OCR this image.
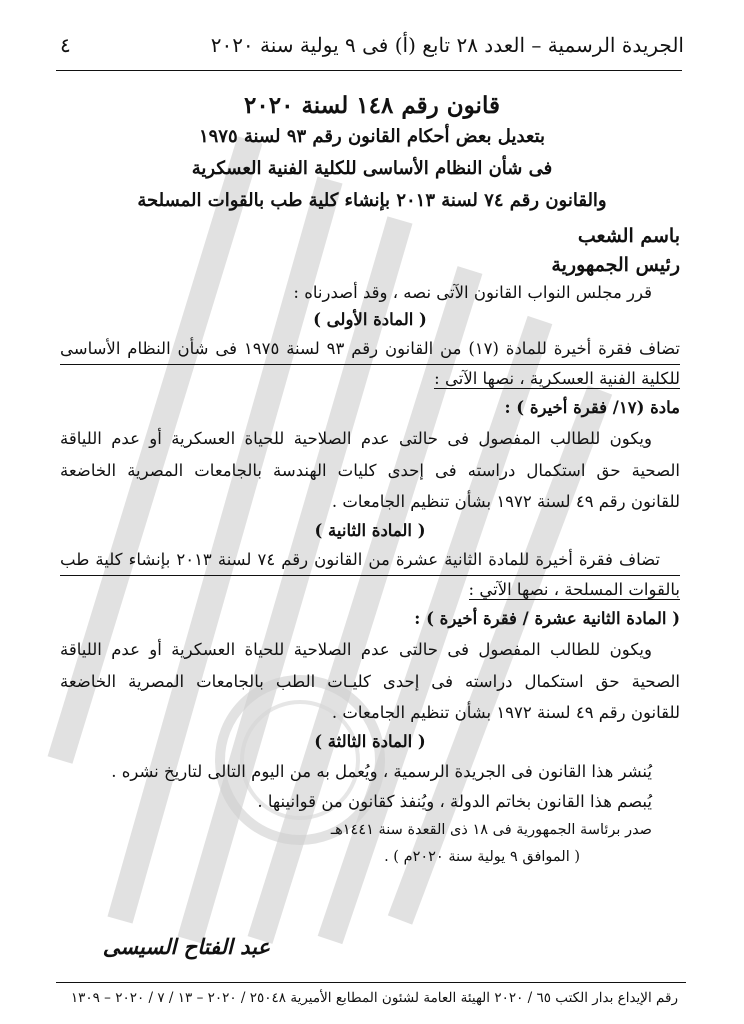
الجريدة الرسمية – العدد ٢٨ تابع (أ) فى ٩ يولية سنة ٢٠٢٠
٤
قانون رقم ١٤٨ لسنة ٢٠٢٠
بتعديل بعض أحكام القانون رقم ٩٣ لسنة ١٩٧٥
فى شأن النظام الأساسى للكلية الفنية العسكرية
والقانون رقم ٧٤ لسنة ٢٠١٣ بإنشاء كلية طب بالقوات المسلحة
باسم الشعب
رئيس الجمهورية
قرر مجلس النواب القانون الآتى نصه ، وقد أصدرناه :
( المادة الأولى )
تضاف فقرة أخيرة للمادة (١٧) من القانون رقم ٩٣ لسنة ١٩٧٥ فى شأن النظام الأساسى
للكلية الفنية العسكرية ، نصها الآتى :
مادة (١٧/ فقرة أخيرة ) :
ويكون للطالب المفصول فى حالتى عدم الصلاحية للحياة العسكرية أو عدم اللياقة
الصحية حق استكمال دراسته فى إحدى كليات الهندسة بالجامعات المصرية الخاضعة
للقانون رقم ٤٩ لسنة ١٩٧٢ بشأن تنظيم الجامعات .
( المادة الثانية )
تضاف فقرة أخيرة للمادة الثانية عشرة من القانون رقم ٧٤ لسنة ٢٠١٣ بإنشاء كلية طب
بالقوات المسلحة ، نصها الآتي :
( المادة الثانية عشرة / فقرة أخيرة ) :
ويكون للطالب المفصول فى حالتى عدم الصلاحية للحياة العسكرية أو عدم اللياقة
الصحية حق استكمال دراسته فى إحدى كليـات الطب بالجامعات المصرية الخاضعة
للقانون رقم ٤٩ لسنة ١٩٧٢ بشأن تنظيم الجامعات .
( المادة الثالثة )
يُنشر هذا القانون فى الجريدة الرسمية ، ويُعمل به من اليوم التالى لتاريخ نشره .
يُبصم هذا القانون بخاتم الدولة ، ويُنفذ كقانون من قوانينها .
صدر برئاسة الجمهورية فى ١٨ ذى القعدة سنة ١٤٤١هـ
( الموافق ٩ يولية سنة ٢٠٢٠م ) .
عبد الفتاح السيسى
رقم الإيداع بدار الكتب ٦٥ / ٢٠٢٠ الهيئة العامة لشئون المطابع الأميرية ٢٥٠٤٨ / ٢٠٢٠ – ١٣ / ٧ / ٢٠٢٠ – ١٣٠٩
